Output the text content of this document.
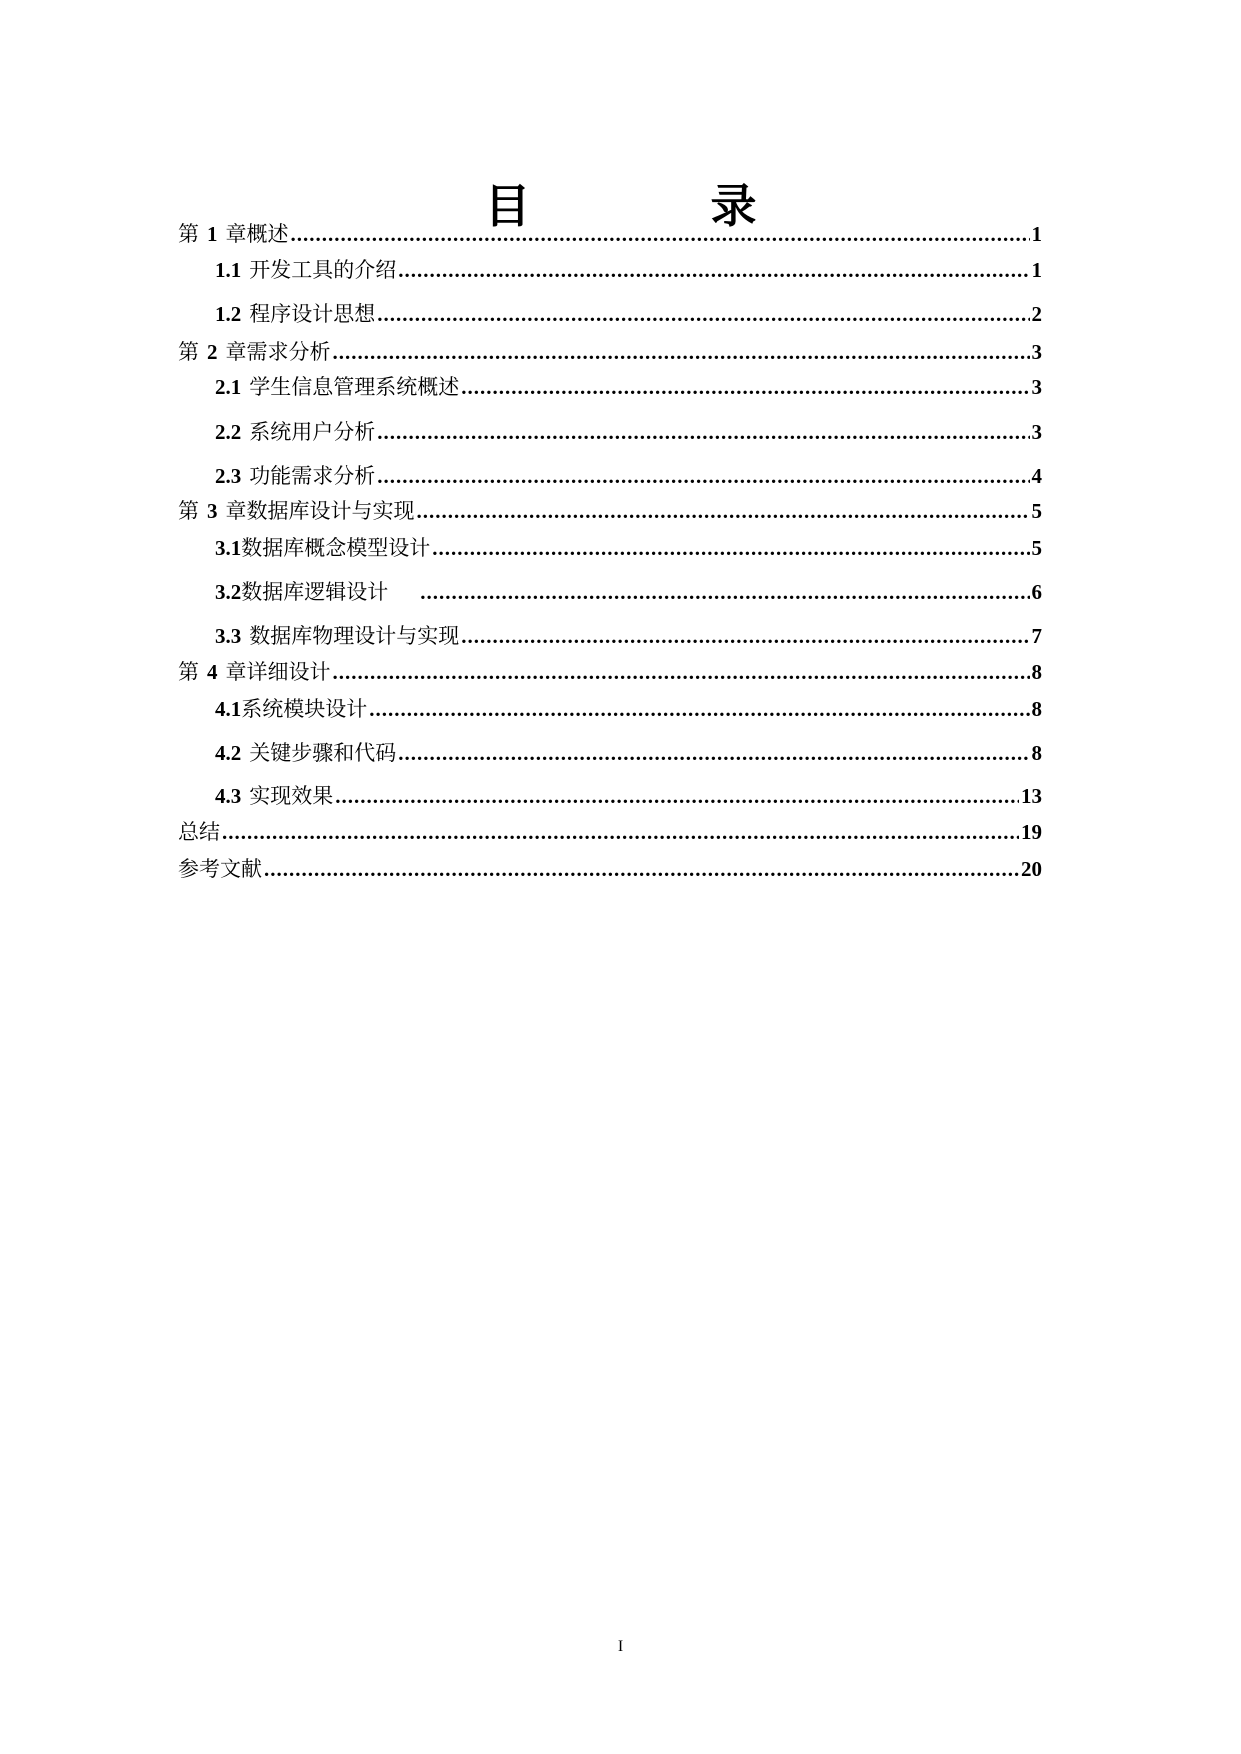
目	录
第 1 章概述 .....	1
1.1 开发工具的介绍 .....	1
1.2 程序设计思想 .....	2
第 2 章需求分析 .....	3
2.1 学生信息管理系统概述 .....	3
2.2 系统用户分析 .....	3
2.3 功能需求分析 .....	4
第 3 章数据库设计与实现 .....	5
3.1 数据库概念模型设计 .....	5
3.2 数据库逻辑设计 .....	6
3.3 数据库物理设计与实现 .....	7
第 4 章详细设计 .....	8
4.1 系统模块设计 .....	8
4.2 关键步骤和代码 .....	8
4.3 实现效果 .....	13
总结 .....	19
参考文献 .....	20
I
